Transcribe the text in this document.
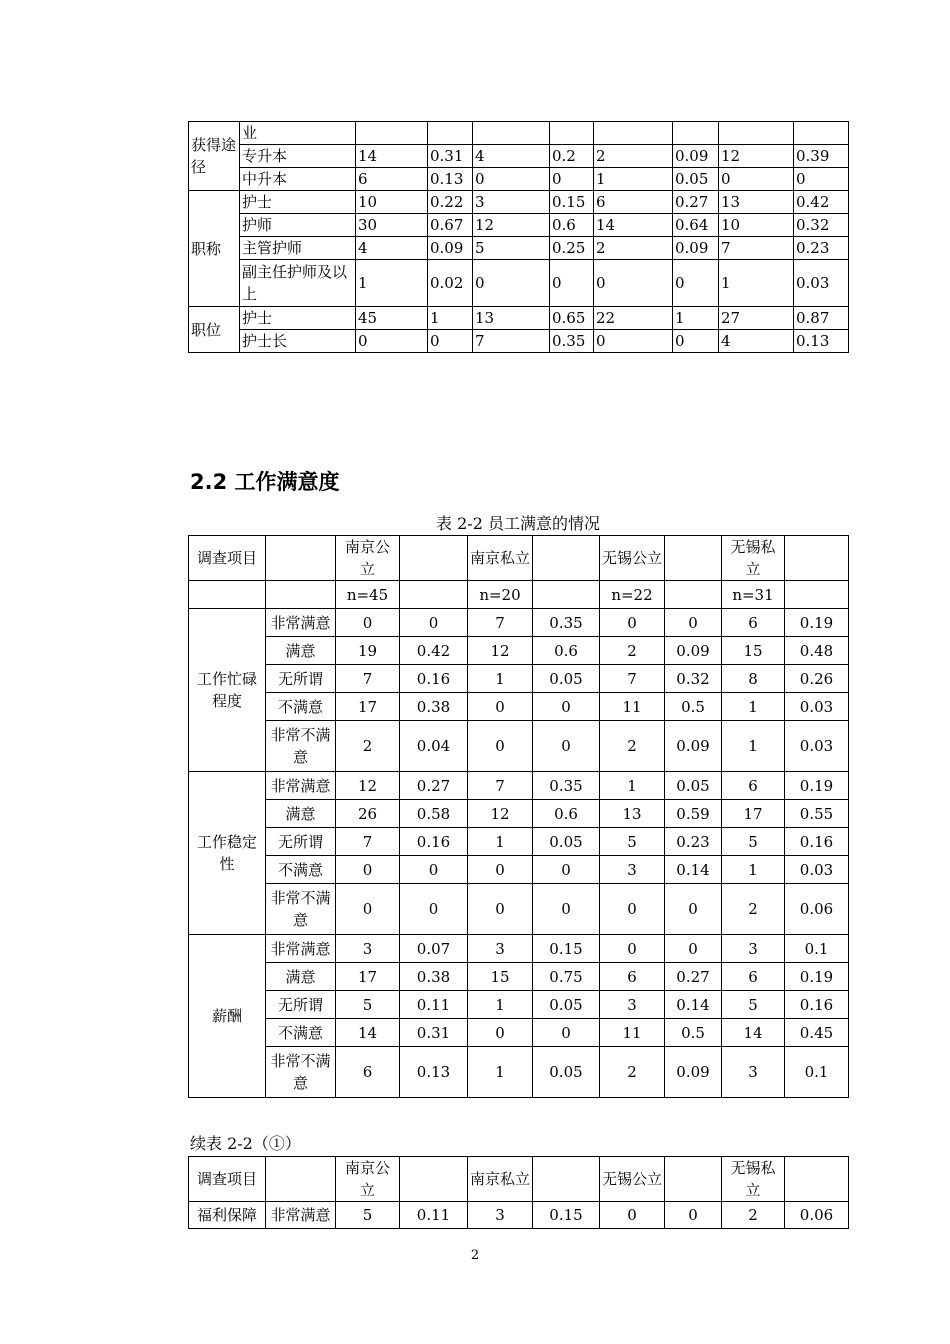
获得途径	业								
	专升本	14	0.31	4	0.2	2	0.09	12	0.39
	中升本	6	0.13	0	0	1	0.05	0	0
职称	护士	10	0.22	3	0.15	6	0.27	13	0.42
	护师	30	0.67	12	0.6	14	0.64	10	0.32
	主管护师	4	0.09	5	0.25	2	0.09	7	0.23
	副主任护师及以上	1	0.02	0	0	0	0	1	0.03
职位	护士	45	1	13	0.65	22	1	27	0.87
	护士长	0	0	7	0.35	0	0	4	0.13
2.2 工作满意度
表 2-2 员工满意的情况
调查项目		南京公立		南京私立		无锡公立		无锡私立	
		n=45		n=20		n=22		n=31	
工作忙碌程度	非常满意	0	0	7	0.35	0	0	6	0.19
	满意	19	0.42	12	0.6	2	0.09	15	0.48
	无所谓	7	0.16	1	0.05	7	0.32	8	0.26
	不满意	17	0.38	0	0	11	0.5	1	0.03
	非常不满意	2	0.04	0	0	2	0.09	1	0.03
工作稳定性	非常满意	12	0.27	7	0.35	1	0.05	6	0.19
	满意	26	0.58	12	0.6	13	0.59	17	0.55
	无所谓	7	0.16	1	0.05	5	0.23	5	0.16
	不满意	0	0	0	0	3	0.14	1	0.03
	非常不满意	0	0	0	0	0	0	2	0.06
薪酬	非常满意	3	0.07	3	0.15	0	0	3	0.1
	满意	17	0.38	15	0.75	6	0.27	6	0.19
	无所谓	5	0.11	1	0.05	3	0.14	5	0.16
	不满意	14	0.31	0	0	11	0.5	14	0.45
	非常不满意	6	0.13	1	0.05	2	0.09	3	0.1
续表 2-2（①）
调查项目		南京公立		南京私立		无锡公立		无锡私立	
福利保障	非常满意	5	0.11	3	0.15	0	0	2	0.06
2
